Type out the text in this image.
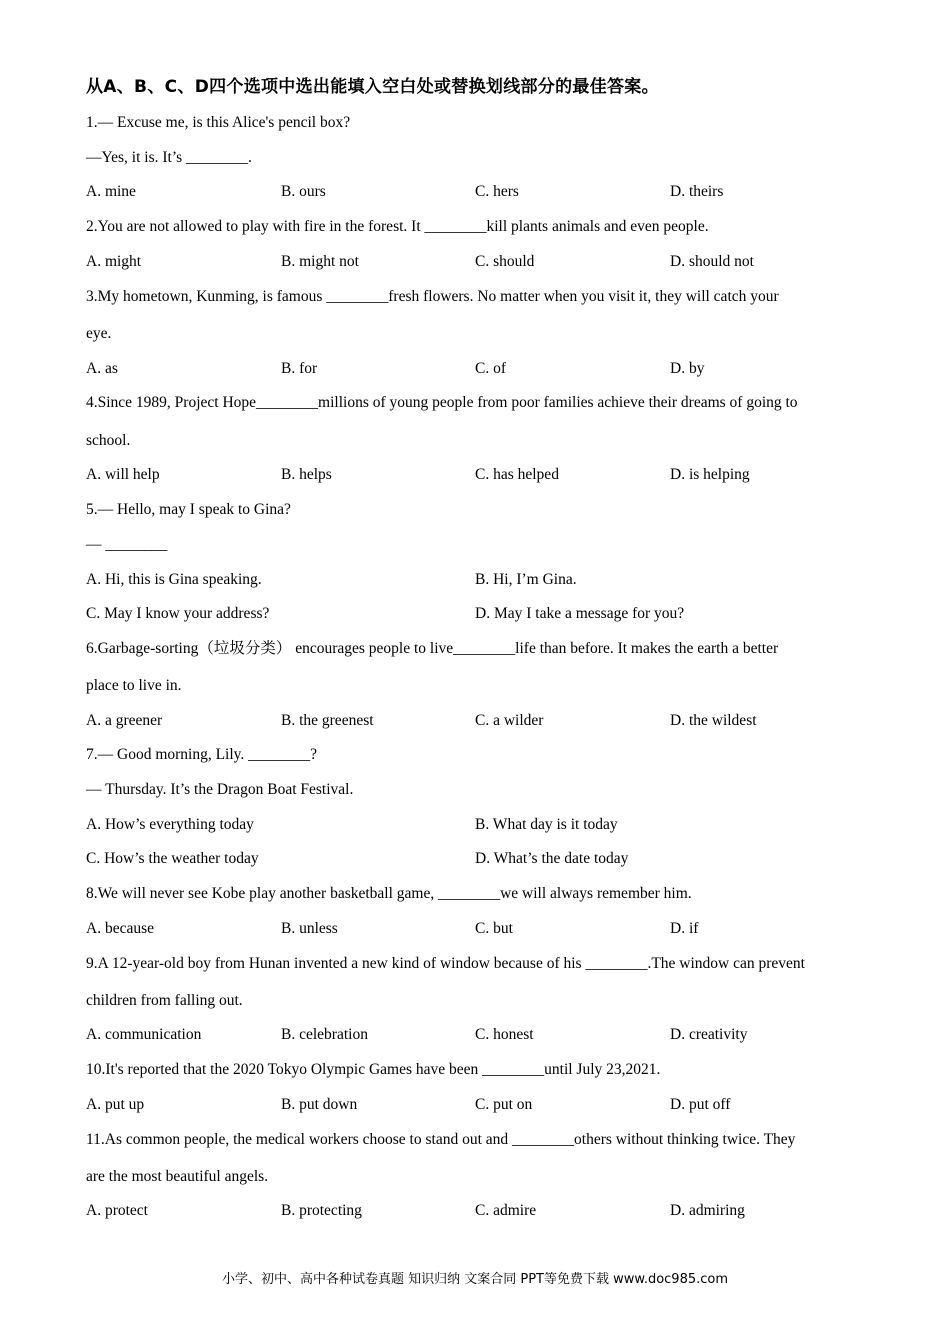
从A、B、C、D四个选项中选出能填入空白处或替换划线部分的最佳答案。
1.— Excuse me, is this Alice's pencil box?
—Yes, it is. It’s ________.
A. mine	B. ours	C. hers	D. theirs
2.You are not allowed to play with fire in the forest. It ________kill plants animals and even people.
A. might	B. might not	C. should	D. should not
3.My hometown, Kunming, is famous ________fresh flowers. No matter when you visit it, they will catch your
eye.
A. as	B. for	C. of	D. by
4.Since 1989, Project Hope________millions of young people from poor families achieve their dreams of going to
school.
A. will help	B. helps	C. has helped	D. is helping
5.— Hello, may I speak to Gina?
— ________
A. Hi, this is Gina speaking.	B. Hi, I’m Gina.
C. May I know your address?	D. May I take a message for you?
6.Garbage-sorting（垃圾分类） encourages people to live________life than before. It makes the earth a better
place to live in.
A. a greener	B. the greenest	C. a wilder	D. the wildest
7.— Good morning, Lily. ________?
— Thursday. It’s the Dragon Boat Festival.
A. How’s everything today	B. What day is it today
C. How’s the weather today	D. What’s the date today
8.We will never see Kobe play another basketball game, ________we will always remember him.
A. because	B. unless	C. but	D. if
9.A 12-year-old boy from Hunan invented a new kind of window because of his ________.The window can prevent
children from falling out.
A. communication	B. celebration	C. honest	D. creativity
10.It's reported that the 2020 Tokyo Olympic Games have been ________until July 23,2021.
A. put up	B. put down	C. put on	D. put off
11.As common people, the medical workers choose to stand out and ________others without thinking twice. They
are the most beautiful angels.
A. protect	B. protecting	C. admire	D. admiring
小学、初中、高中各种试卷真题 知识归纳 文案合同 PPT等免费下载 www.doc985.com
